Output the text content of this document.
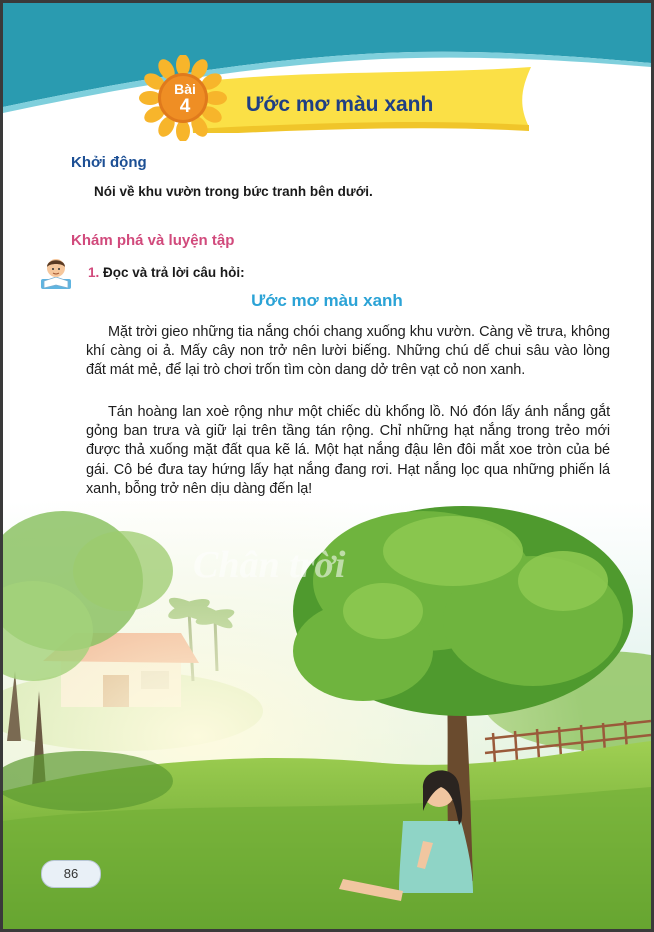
Bài
4	Ước mơ màu xanh
Khởi động
Nói về khu vườn trong bức tranh bên dưới.
Khám phá và luyện tập
1. Đọc và trả lời câu hỏi:
Ước mơ màu xanh

Mặt trời gieo những tia nắng chói chang xuống khu vườn. Càng về trưa, không khí càng oi ả. Mấy cây non trở nên lười biếng. Những chú dế chui sâu vào lòng đất mát mẻ, để lại trò chơi trốn tìm còn dang dở trên vạt cỏ non xanh.

Tán hoàng lan xoè rộng như một chiếc dù khổng lồ. Nó đón lấy ánh nắng gắt gỏng ban trưa và giữ lại trên tầng tán rộng. Chỉ những hạt nắng trong trẻo mới được thả xuống mặt đất qua kẽ lá. Một hạt nắng đậu lên đôi mắt xoe tròn của bé gái. Cô bé đưa tay hứng lấy hạt nắng đang rơi. Hạt nắng lọc qua những phiến lá xanh, bỗng trở nên dịu dàng đến lạ!

Chân trời
86
